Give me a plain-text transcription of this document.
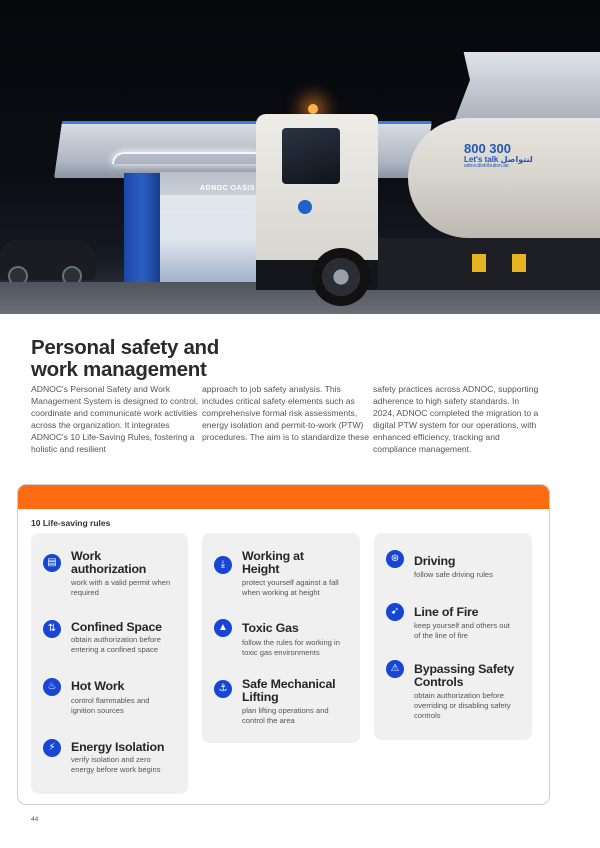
ADNOC OASIS
800 300
Let's talk لنتواصل
adnocdistribution.ae
Personal safety and
work management

ADNOC's Personal Safety and Work Management System is designed to control, coordinate and communicate work activities across the organization. It integrates ADNOC's 10 Life-Saving Rules, fostering a holistic and resilient

approach to job safety analysis. This includes critical safety elements such as comprehensive formal risk assessments, energy isolation and permit-to-work (PTW) procedures. The aim is to standardize these

safety practices across ADNOC, supporting adherence to high safety standards. In 2024, ADNOC completed the migration to a digital PTW system for our operations, with enhanced efficiency, tracking and compliance management.

10 Life-saving rules
▤	Work authorization
work with a valid permit when required
⇅	Confined Space
obtain authorization before entering a confined space
♨	Hot Work
control flammables and ignition sources
⚡	Energy Isolation
verify isolation and zero energy before work begins
⤓
Working at Height
protect yourself against a fall when working at height
▲	Toxic Gas
follow the rules for working in toxic gas environments
⚓	Safe Mechanical Lifting
plan lifting operations and control the area
⊛	Driving
follow safe driving rules
➹	Line of Fire
keep yourself and others out of the line of fire
⚠	Bypassing Safety Controls
obtain authorization before overriding or disabling safety controls
44
